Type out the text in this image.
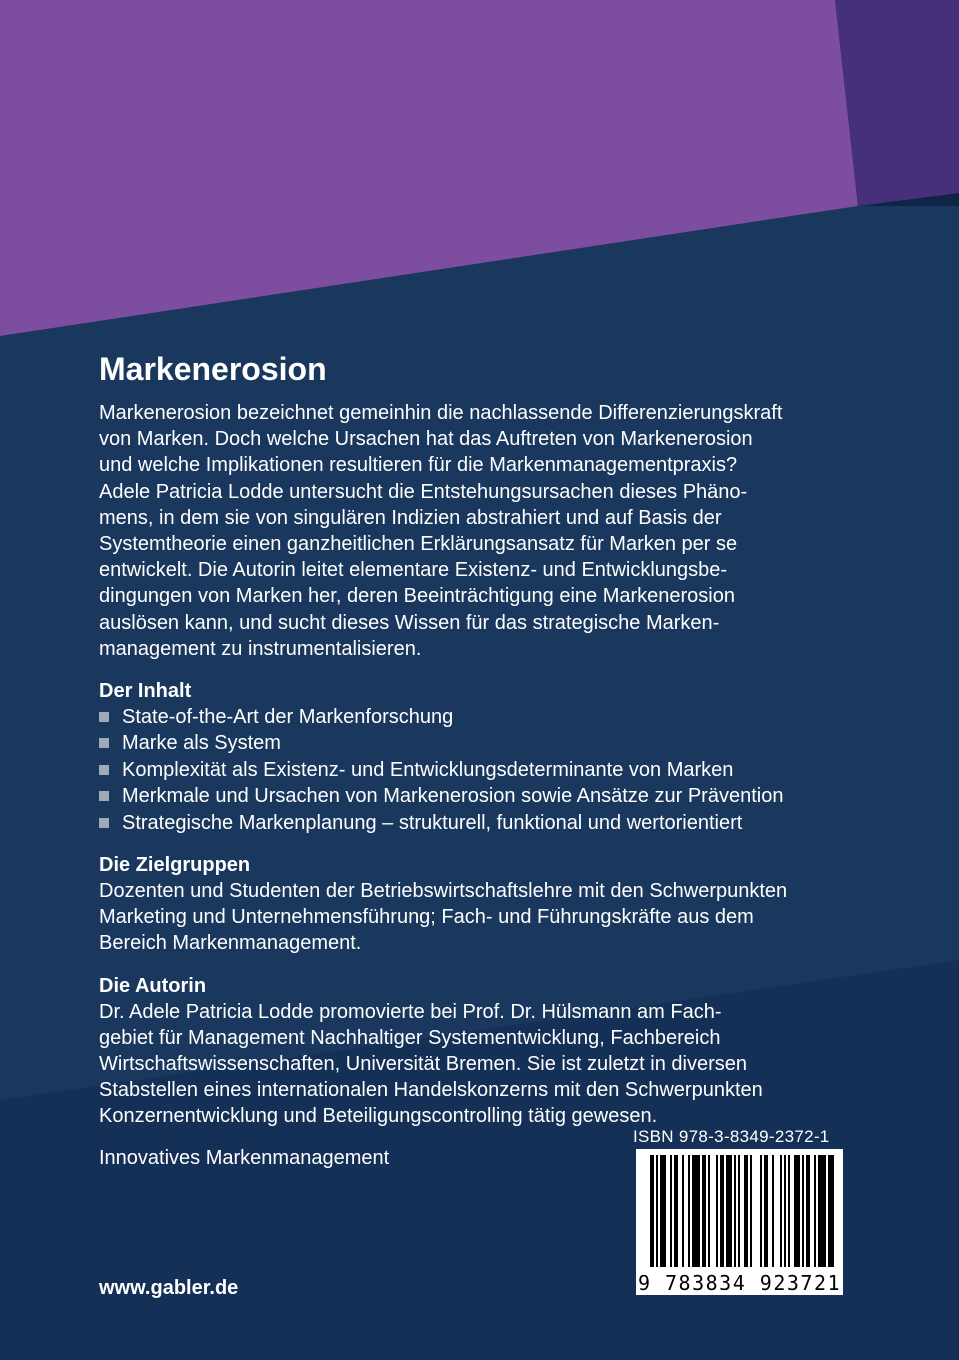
Markenerosion

Markenerosion bezeichnet gemeinhin die nachlassende Differenzierungskraft

von Marken. Doch welche Ursachen hat das Auftreten von Markenerosion

und welche Implikationen resultieren für die Markenmanagementpraxis?

Adele Patricia Lodde untersucht die Entstehungsursachen dieses Phäno-

mens, in dem sie von singulären Indizien abstrahiert und auf Basis der

Systemtheorie einen ganzheitlichen Erklärungsansatz für Marken per se

entwickelt. Die Autorin leitet elementare Existenz- und Entwicklungsbe-

dingungen von Marken her, deren Beeinträchtigung eine Markenerosion

auslösen kann, und sucht dieses Wissen für das strategische Marken-

management zu instrumentalisieren.

Der Inhalt
State-of-the-Art der Markenforschung
Marke als System
Komplexität als Existenz- und Entwicklungsdeterminante von Marken
Merkmale und Ursachen von Markenerosion sowie Ansätze zur Prävention
Strategische Markenplanung – strukturell, funktional und wertorientiert
Die Zielgruppen

Dozenten und Studenten der Betriebswirtschaftslehre mit den Schwerpunkten

Marketing und Unternehmensführung; Fach- und Führungskräfte aus dem

Bereich Markenmanagement.

Die Autorin

Dr. Adele Patricia Lodde promovierte bei Prof. Dr. Hülsmann am Fach-

gebiet für Management Nachhaltiger Systementwicklung, Fachbereich

Wirtschaftswissenschaften, Universität Bremen. Sie ist zuletzt in diversen

Stabstellen eines internationalen Handelskonzerns mit den Schwerpunkten

Konzernentwicklung und Beteiligungscontrolling tätig gewesen.

Innovatives Markenmanagement
www.gabler.de
ISBN 978-3-8349-2372-1
9 783834 923721
